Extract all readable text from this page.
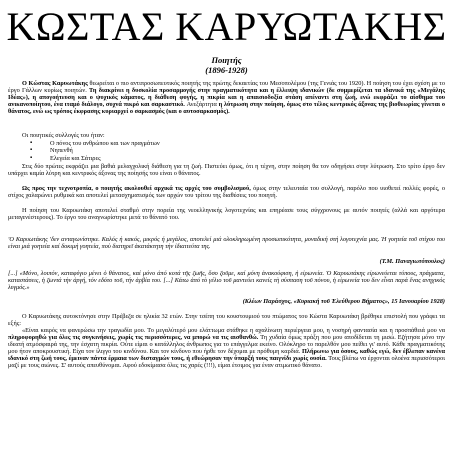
ΚΩΣΤΑΣ ΚΑΡΥΩΤΑΚΗΣ
Ποιητής
(1896-1928)

Ο Κώστας Καρυωτάκης θεωρείται ο πιο αντιπροσωπευτικός ποιητής της πρώτης δεκαετίας του Μεσοπολέμου (της Γενιάς του 1920). Η ποίηση του έχει σχέση με το έργο Γάλλων κυρίως ποιητών. Τη διακρίνει η δυσκολία προσαρμογής στην πραγματικότητα και η έλλειψη ιδανικών (δε συμμερίζεται τα ιδανικά της «Μεγάλης Ιδέας»), η απογοήτευση και ο ψυχικός κάματος, η διάθεση φυγής, η πικρία και η απαισιοδοξία στάση απέναντι στη ζωή, ενώ εκφράζει το αίσθημα του ανικανοποίητου, ένα ιταμό διάλογο, συχνά πικρό και σαρκαστικό. Ανεξάρτητα η λύτρωση στην ποίηση, όμως στο τέλος κεντρικός άξονας της βιοθεωρίας γίνεται ο θάνατος, ενώ ως τρόπος έκφρασης κυριαρχεί ο σαρκασμός (και ο αυτοσαρκασμός).

Οι ποιητικές συλλογές του ήταν:

▪ Ο πόνος του ανθρώπου και των πραγμάτων
▪ Νηπενθή
▪ Ελεγεία και Σάτιρες

Στις δύο πρώτες εκφράζει μια βαθιά μελαγχολική διάθεση για τη ζωή. Πιστεύει όμως, ότι η τέχνη, στην ποίηση θα τον οδηγήσει στην λύτρωση. Στο τρίτο έργο δεν υπάρχει καμία λύτρη και κεντρικός άξονας της ποίησής του είναι ο θάνατος.

Ως προς την τεχνοτροπία, ο ποιητής ακολουθεί αρχικά τις αρχές του συμβολισμού, όμως στην τελευταία του συλλογή, παρόλο που υιοθετεί πολλές φορές, ο στίχος χαλαρώνει ρυθμικά και αποτελεί μετασχηματισμός των αρχών του τρίτου της διαθέσεις του ποιητή.

Η ποίηση του Καρυωτάκη αποτελεί σταθμό στην πορεία της νεοελληνικής λογοτεχνίας και επηρέασε τους σύγχρονους με αυτόν ποιητές (αλλά και αργότερα μεταγενέστερους). Το έργο του αναγνωρίστηκε μετά το θάνατό του.

'Ο Καρυωτάκης 'δεν ανταγωνίστηκε. Καλός ή κακός, μικρός ή μεγάλος, αποτελεί μιά ολοκληρωμένη προσωπικότητα, μοναδική στή λογοτεχνία μας. Ή γοητεία τοῦ στίχου του είναι μιά γοητεία καί δοκιμή γοητεία, ποὺ διατηρεῖ ἀκατάκτητη τὴν ἰδιαιτεύτα της.

(Τ.Μ. Παναγιωτόπουλος)

[...] «Μόνο, λοιπόν, καταφύγιο μένει ὁ θάνατος, καί μόνο ἀπό κοτά τῆς ζωῆς, ὅσο ζοῦμε, καί μόνη ἀνακούφιση, ἡ εἰρωνεία. Ὁ Καρυωτάκης εἰρωνεύεται τύπους, πράγματα, καταστάσεις, ἡ ζωντά τὴν ἀργή, τόν εδότο τοῦ, τήν ἀρβία του. [...] Κάτω ἀπό τὸ γέλιο τοῦ μαντεύει κανείς τὴ σύσπαση τοῦ πόνου, ἡ εἰρωνεία του δεν εἶναι παρά ἕνας ανηχικός λυγμός.»

(Κλέων Παράσχος, «Κυριακή τοῦ Ἐλεύθερου Βήματος», 15 Ιανουαρίου 1928)

Ο Καρυωτάκης αυτοκτόνησε στην Πρέβεζα σε ηλικία 32 ετών. Στην τσέπη του κουστουμιού του πτώματος του Κώστα Καρυωτάκη βρέθηκε επιστολή που γράφει τα εξής:

«Είναι καιρός να φανερώσω την τραγωδία μου. Το μεγαλύτερό μου ελάττωμα στάθηκε η αχαλίνωτη περιέργεια μου, η νοσηρή φαντασία και η προσπάθειά μου να πληροφορηθώ για όλες τις συγκινήσεις, χωρίς τις περισσότερες, να μπορώ να τις αισθανθώ. Τη χυδαία όμως πράξη που μου αποδίδεται τη μισώ. Εζήτησα μόνο την ιδεατή ατμόσφαιρά της, την έσχατη πικρία. Ούτε είμαι ο κατάλληλος άνθρωπος για το επάγγελμα εκείνο. Ολόκληρο το παρελθόν μου πείθει γι' αυτό. Κάθε πραγματικότης μου ήτον αποκρουστική. Είχα τον ίλιγγο του κινδύνου. Και τον κίνδυνο που ήρθε τον δέχομαι με πρόθυμη καρδιά. Πλήρωνω για όσους, καθώς εγώ, δεν έβλεπαν κανένα ιδανικό στη ζωή τους, έμειναν πάντα έρμαια των δισταγμών τους, ή εθεώρησαν την ύπαρξή τους παιγνίδι χωρίς ουσία. Τους βλέπω να έρχονται ολοένα περισσότεροι μαζί με τους αιώνες. Σ' αυτούς απευθύνομαι. Αφού εδοκίμασα όλες τις χαρές (!!!), είμαι έτοιμος για έναν ατιμωτικό θάνατο.
